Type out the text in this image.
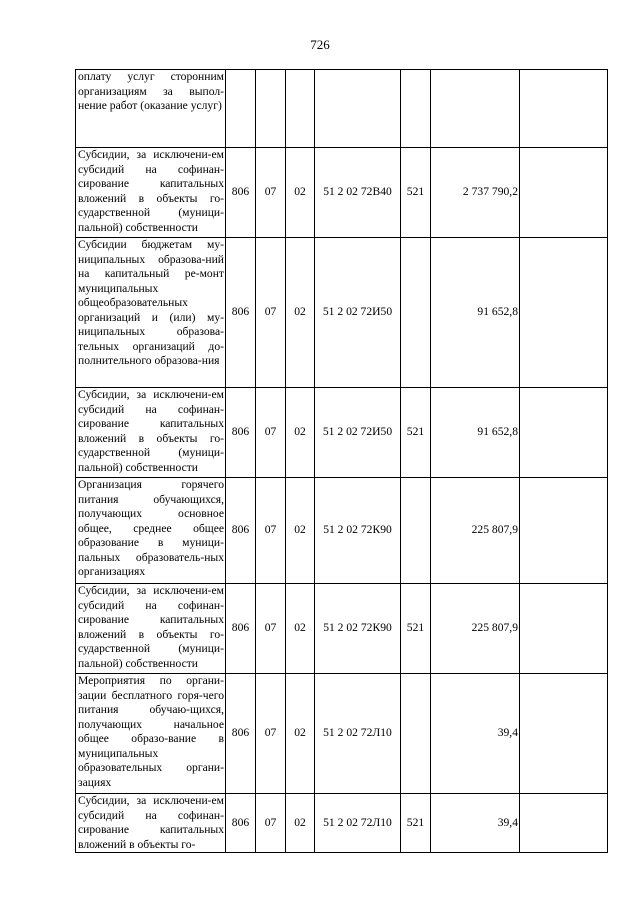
726
оплату услуг сторонним организациям за выпол-нение работ (оказание услуг)							

Субсидии, за исключени-ем субсидий на софинан-сирование капитальных вложений в объекты го-сударственной (муници-пальной) собственности	806	07	02	51 2 02 72В40	521	2 737 790,2	

Субсидии бюджетам му-ниципальных образова-ний на капитальный ре-монт муниципальных общеобразовательных организаций и (или) му-ниципальных образова-тельных организаций до-полнительного образова-ния	806	07	02	51 2 02 72И50		91 652,8	

Субсидии, за исключени-ем субсидий на софинан-сирование капитальных вложений в объекты го-сударственной (муници-пальной) собственности	806	07	02	51 2 02 72И50	521	91 652,8	

Организация горячего питания обучающихся, получающих основное общее, среднее общее образование в муници-пальных образователь-ных организациях	806	07	02	51 2 02 72К90		225 807,9	

Субсидии, за исключени-ем субсидий на софинан-сирование капитальных вложений в объекты го-сударственной (муници-пальной) собственности	806	07	02	51 2 02 72К90	521	225 807,9	

Мероприятия по органи-зации бесплатного горя-чего питания обучаю-щихся, получающих начальное общее образо-вание в муниципальных образовательных органи-зациях	806	07	02	51 2 02 72Л10		39,4	

Субсидии, за исключени-ем субсидий на софинан-сирование капитальных вложений в объекты го-	806	07	02	51 2 02 72Л10	521	39,4	
